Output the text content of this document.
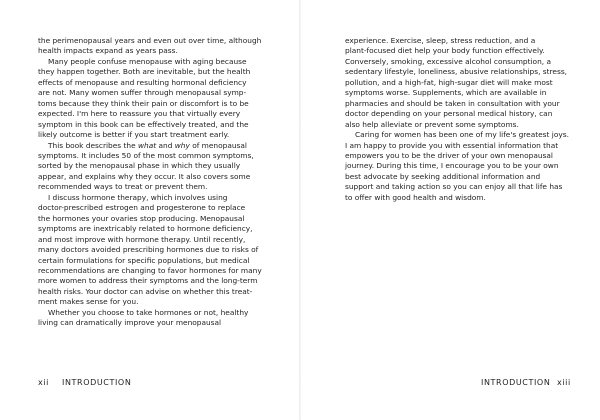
the perimenopausal years and even out over time, although
health impacts expand as years pass.
Many people confuse menopause with aging because
they happen together. Both are inevitable, but the health
effects of menopause and resulting hormonal deficiency
are not. Many women suffer through menopausal symp-
toms because they think their pain or discomfort is to be
expected. I'm here to reassure you that virtually every
symptom in this book can be effectively treated, and the
likely outcome is better if you start treatment early.
This book describes the what and why of menopausal
symptoms. It includes 50 of the most common symptoms,
sorted by the menopausal phase in which they usually
appear, and explains why they occur. It also covers some
recommended ways to treat or prevent them.
I discuss hormone therapy, which involves using
doctor-prescribed estrogen and progesterone to replace
the hormones your ovaries stop producing. Menopausal
symptoms are inextricably related to hormone deficiency,
and most improve with hormone therapy. Until recently,
many doctors avoided prescribing hormones due to risks of
certain formulations for specific populations, but medical
recommendations are changing to favor hormones for many
more women to address their symptoms and the long-term
health risks. Your doctor can advise on whether this treat-
ment makes sense for you.
Whether you choose to take hormones or not, healthy
living can dramatically improve your menopausal
xii INTRODUCTION
experience. Exercise, sleep, stress reduction, and a
plant-focused diet help your body function effectively.
Conversely, smoking, excessive alcohol consumption, a
sedentary lifestyle, loneliness, abusive relationships, stress,
pollution, and a high-fat, high-sugar diet will make most
symptoms worse. Supplements, which are available in
pharmacies and should be taken in consultation with your
doctor depending on your personal medical history, can
also help alleviate or prevent some symptoms.
Caring for women has been one of my life's greatest joys.
I am happy to provide you with essential information that
empowers you to be the driver of your own menopausal
journey. During this time, I encourage you to be your own
best advocate by seeking additional information and
support and taking action so you can enjoy all that life has
to offer with good health and wisdom.
INTRODUCTION xiii
